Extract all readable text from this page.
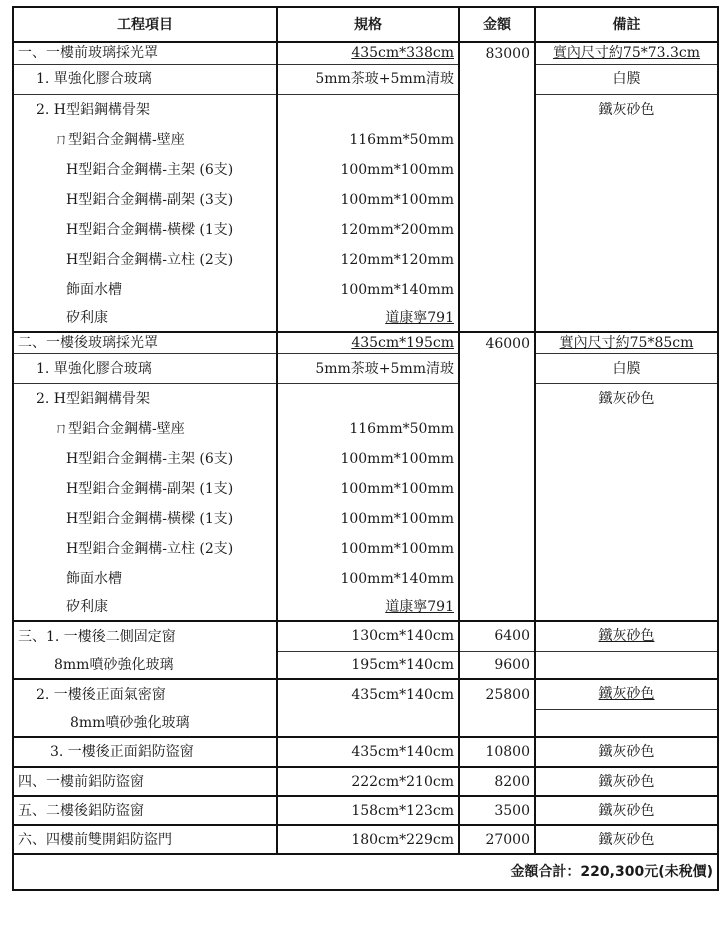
工程項目	規格	金額	備註
一、一樓前玻璃採光罩	435cm*338cm	83000	實內尺寸約75*73.3cm
1. 單強化膠合玻璃	5mm茶玻+5mm清玻		白膜
2. H型鋁鋼構骨架			鐵灰砂色
ㄇ型鋁合金鋼構-壁座	116mm*50mm		
H型鋁合金鋼構-主架 (6支)	100mm*100mm		
H型鋁合金鋼構-副架 (3支)	100mm*100mm		
H型鋁合金鋼構-橫樑 (1支)	120mm*200mm		
H型鋁合金鋼構-立柱 (2支)	120mm*120mm		
飾面水槽	100mm*140mm		
矽利康	道康寧791		
二、一樓後玻璃採光罩	435cm*195cm	46000	實內尺寸約75*85cm
1. 單強化膠合玻璃	5mm茶玻+5mm清玻		白膜
2. H型鋁鋼構骨架			鐵灰砂色
ㄇ型鋁合金鋼構-壁座	116mm*50mm		
H型鋁合金鋼構-主架 (6支)	100mm*100mm		
H型鋁合金鋼構-副架 (1支)	100mm*100mm		
H型鋁合金鋼構-橫樑 (1支)	100mm*100mm		
H型鋁合金鋼構-立柱 (2支)	100mm*100mm		
飾面水槽	100mm*140mm		
矽利康	道康寧791		
三、1. 一樓後二側固定窗	130cm*140cm	6400	鐵灰砂色
8mm噴砂強化玻璃	195cm*140cm	9600	
2. 一樓後正面氣密窗	435cm*140cm	25800	鐵灰砂色
8mm噴砂強化玻璃			
3. 一樓後正面鋁防盜窗	435cm*140cm	10800	鐵灰砂色
四、一樓前鋁防盜窗	222cm*210cm	8200	鐵灰砂色
五、二樓後鋁防盜窗	158cm*123cm	3500	鐵灰砂色
六、四樓前雙開鋁防盜門	180cm*229cm	27000	鐵灰砂色
金額合計：220,300元(未稅價)			
